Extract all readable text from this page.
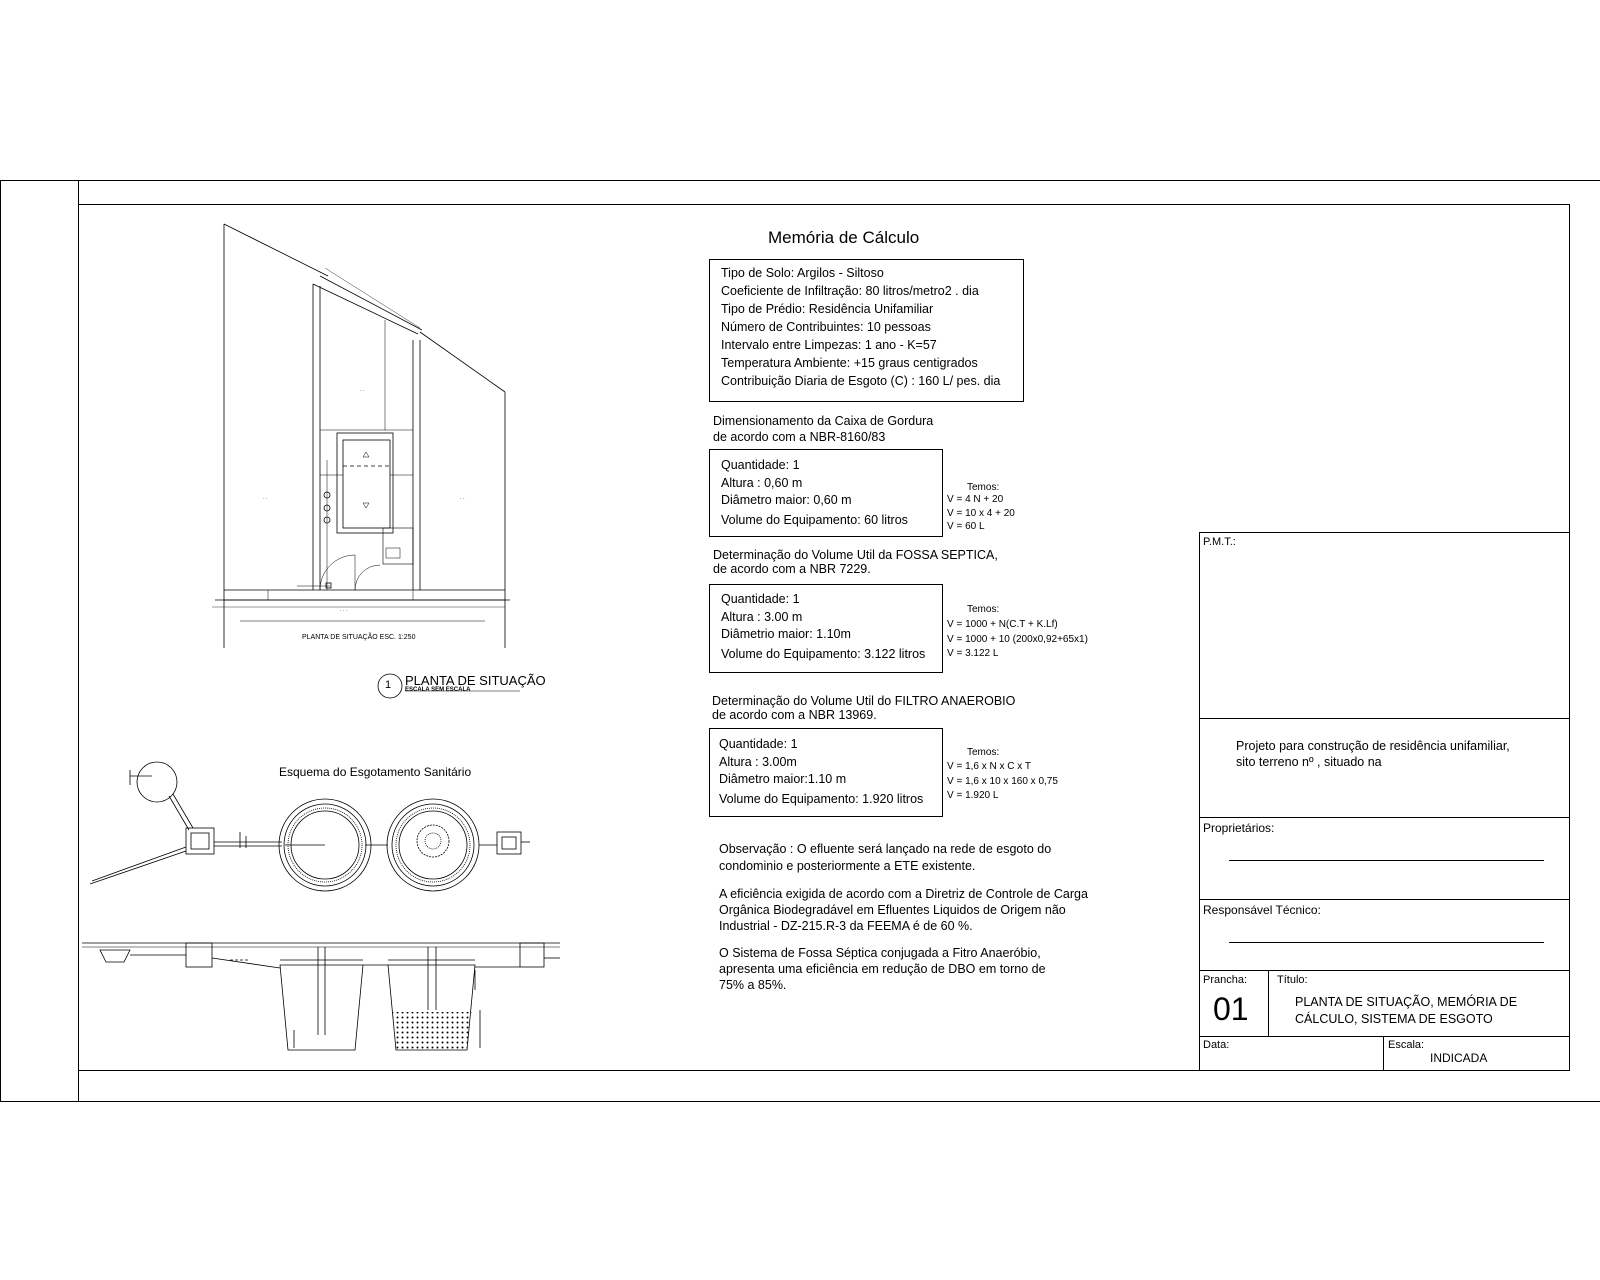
· ·	· ·
· ·
· · ·
PLANTA DE SITUAÇÃO ESC. 1:250
1 PLANTA DE SITUAÇÃO
ESCALA SEM ESCALA
Esquema do Esgotamento Sanitário
Memória de Cálculo
Tipo de Solo: Argilos - Siltoso
Coeficiente de Infiltração: 80 litros/metro2 . dia
Tipo de Prédio: Residência Unifamiliar
Número de Contribuintes: 10 pessoas
Intervalo entre Limpezas: 1 ano - K=57
Temperatura Ambiente: +15 graus centigrados
Contribuição Diaria de Esgoto (C) : 160 L/ pes. dia
Dimensionamento da Caixa de Gordura
de acordo com a NBR-8160/83
Quantidade: 1
Altura : 0,60 m
Diâmetro maior: 0,60 m
Volume do Equipamento: 60 litros
Temos:
V = 4 N + 20
V = 10 x 4 + 20
V = 60 L
Determinação do Volume Util da FOSSA SEPTICA,
de acordo com a NBR 7229.
Quantidade: 1
Altura : 3.00 m
Diâmetrio maior: 1.10m
Volume do Equipamento: 3.122 litros
Temos:
V = 1000 + N(C.T + K.Lf)
V = 1000 + 10 (200x0,92+65x1)
V = 3.122 L
Determinação do Volume Util do FILTRO ANAEROBIO
de acordo com a NBR 13969.
Quantidade: 1
Altura : 3.00m
Diâmetro maior:1.10 m
Volume do Equipamento: 1.920 litros
Temos:
V = 1,6 x N x C x T
V = 1,6 x 10 x 160 x 0,75
V = 1.920 L
Observação : O efluente será lançado na rede de esgoto do
condominio e posteriormente a ETE existente.
A eficiência exigida de acordo com a Diretriz de Controle de Carga
Orgânica Biodegradável em Efluentes Liquidos de Origem não
Industrial - DZ-215.R-3 da FEEMA é de 60 %.
O Sistema de Fossa Séptica conjugada a Fitro Anaeróbio,
apresenta uma eficiência em redução de DBO em torno de
75% a 85%.
P.M.T.:
Projeto para construção de residência unifamiliar,
sito terreno nº , situado na
Proprietários:
Responsável Técnico:
Prancha:
01
Título:
PLANTA DE SITUAÇÃO, MEMÓRIA DE
CÁLCULO, SISTEMA DE ESGOTO
Data:	Escala:
INDICADA
